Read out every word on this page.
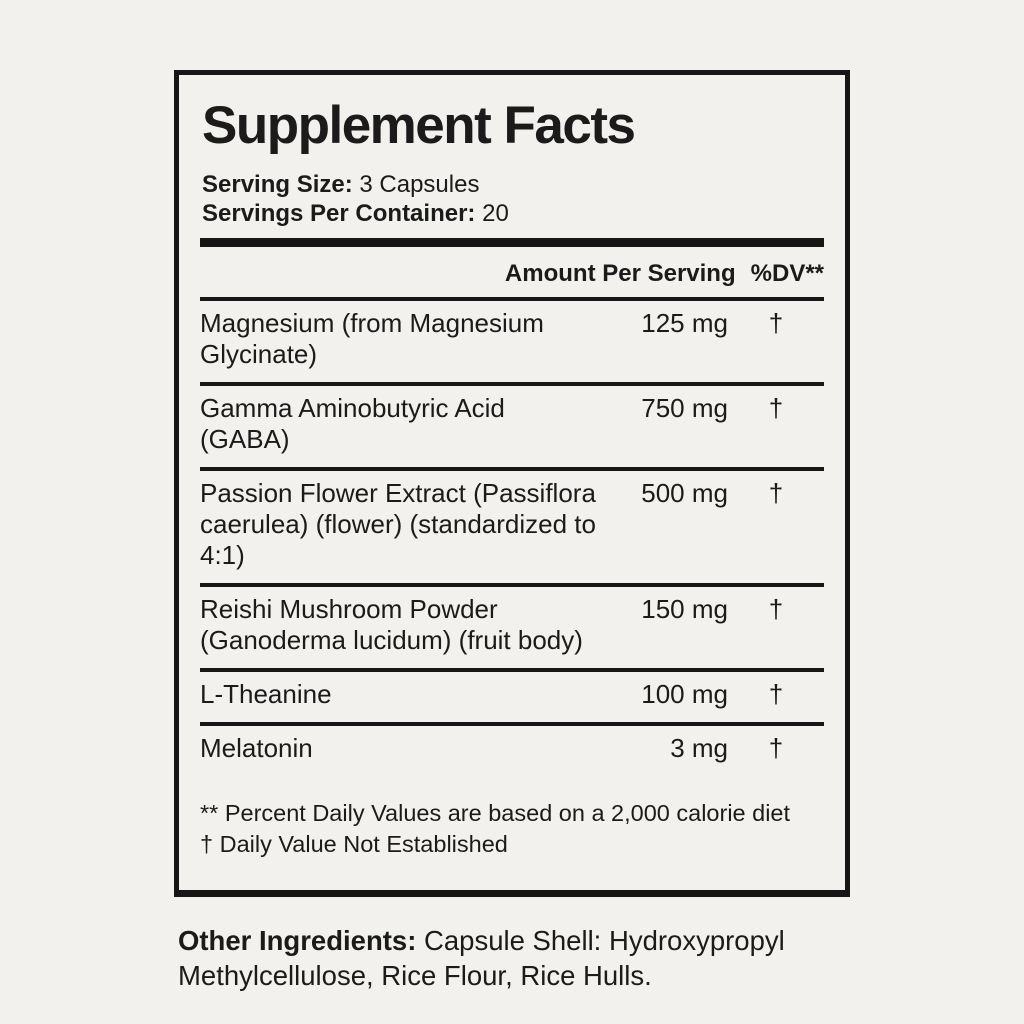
Supplement Facts
Serving Size: 3 Capsules
Servings Per Container: 20
Amount Per Serving %DV**
Magnesium (from Magnesium Glycinate)
125 mg	†
Gamma Aminobutyric Acid (GABA)
750 mg	†
Passion Flower Extract (Passiflora caerulea) (flower) (standardized to 4:1)
500 mg	†
Reishi Mushroom Powder (Ganoderma lucidum) (fruit body)
150 mg	†
L-Theanine	100 mg	†
Melatonin	3 mg	†
** Percent Daily Values are based on a 2,000 calorie diet
† Daily Value Not Established
Other Ingredients: Capsule Shell: Hydroxypropyl Methylcellulose, Rice Flour, Rice Hulls.
